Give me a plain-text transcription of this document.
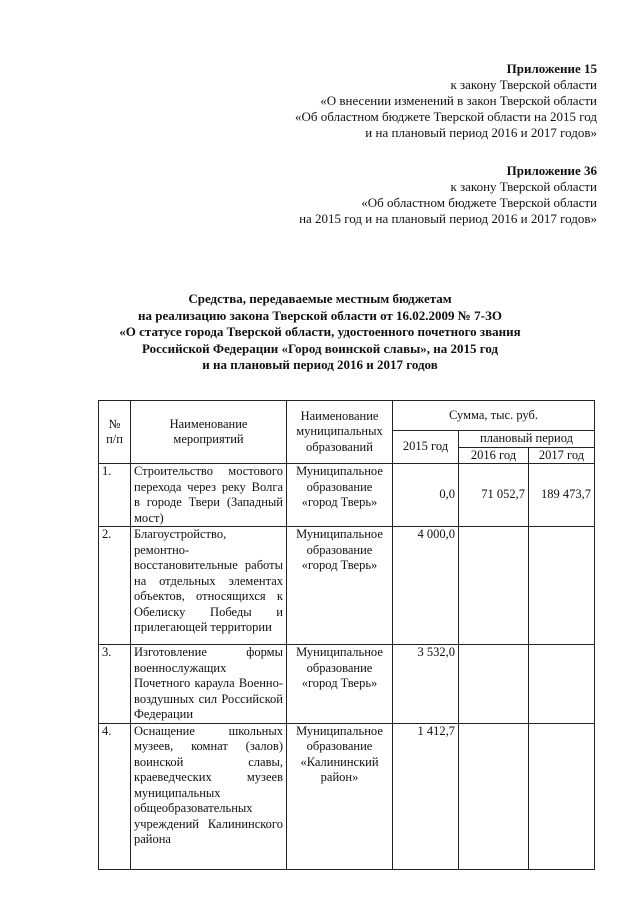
Приложение 15
к закону Тверской области
«О внесении изменений в закон Тверской области
«Об областном бюджете Тверской области на 2015 год
и на плановый период 2016 и 2017 годов»
Приложение 36
к закону Тверской области
«Об областном бюджете Тверской области
на 2015 год и на плановый период 2016 и 2017 годов»
Средства, передаваемые местным бюджетам
на реализацию закона Тверской области от 16.02.2009 № 7-ЗО
«О статусе города Тверской области, удостоенного почетного звания
Российской Федерации «Город воинской славы», на 2015 год
и на плановый период 2016 и 2017 годов
№ п/п	Наименование мероприятий	Наименование муниципальных образований	Сумма, тыс. руб.		
			2015 год	плановый период	
				2016 год	2017 год
1.	Строительство мостового перехода через реку Волга в городе Твери (Западный мост)	Муниципальное образование «город Тверь»	0,0	71 052,7	189 473,7
2.	Благоустройство, ремонтно-восстановительные работы на отдельных элементах объектов, относящихся к Обелиску Победы и прилегающей территории	Муниципальное образование «город Тверь»	4 000,0		
3.	Изготовление формы военнослужащих Почетного караула Военно-воздушных сил Российской Федерации	Муниципальное образование «город Тверь»	3 532,0		
4.	Оснащение школьных музеев, комнат (залов) воинской славы, краеведческих музеев муниципальных общеобразовательных учреждений Калининского района	Муниципальное образование «Калининский район»	1 412,7		
